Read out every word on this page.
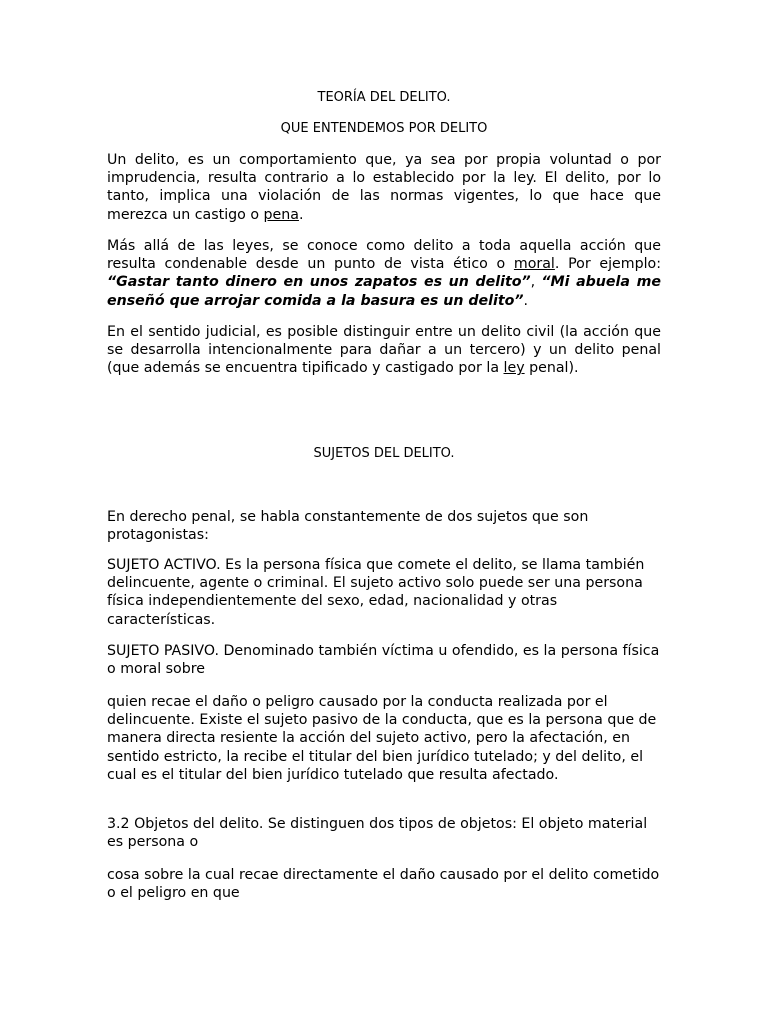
TEORÍA DEL DELITO.

QUE ENTENDEMOS POR DELITO

Un delito, es un comportamiento que, ya sea por propia voluntad o por imprudencia, resulta contrario a lo establecido por la ley. El delito, por lo tanto, implica una violación de las normas vigentes, lo que hace que merezca un castigo o pena.

Más allá de las leyes, se conoce como delito a toda aquella acción que resulta condenable desde un punto de vista ético o moral. Por ejemplo: “Gastar tanto dinero en unos zapatos es un delito”, “Mi abuela me enseñó que arrojar comida a la basura es un delito”.

En el sentido judicial, es posible distinguir entre un delito civil (la acción que se desarrolla intencionalmente para dañar a un tercero) y un delito penal (que además se encuentra tipificado y castigado por la ley penal).

SUJETOS DEL DELITO.

En derecho penal, se habla constantemente de dos sujetos que son protagonistas:

SUJETO ACTIVO. Es la persona física que comete el delito, se llama también delincuente, agente o criminal. El sujeto activo solo puede ser una persona física independientemente del sexo, edad, nacionalidad y otras características.

SUJETO PASIVO. Denominado también víctima u ofendido, es la persona física o moral sobre

quien recae el daño o peligro causado por la conducta realizada por el delincuente. Existe el sujeto pasivo de la conducta, que es la persona que de manera directa resiente la acción del sujeto activo, pero la afectación, en sentido estricto, la recibe el titular del bien jurídico tutelado; y del delito, el cual es el titular del bien jurídico tutelado que resulta afectado.

3.2 Objetos del delito. Se distinguen dos tipos de objetos: El objeto material es persona o

cosa sobre la cual recae directamente el daño causado por el delito cometido o el peligro en que
